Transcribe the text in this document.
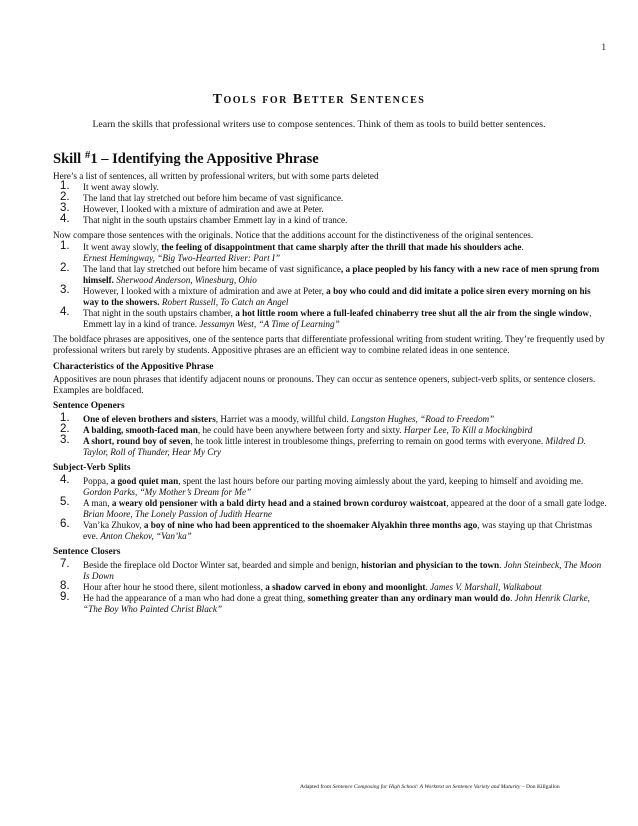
1
Tools for Better Sentences
Learn the skills that professional writers use to compose sentences. Think of them as tools to build better sentences.
Skill #1 – Identifying the Appositive Phrase

Here’s a list of sentences, all written by professional writers, but with some parts deleted

1. It went away slowly.
2. The land that lay stretched out before him became of vast significance.
3. However, I looked with a mixture of admiration and awe at Peter.
4. That night in the south upstairs chamber Emmett lay in a kind of trance.

Now compare those sentences with the originals. Notice that the additions account for the distinctiveness of the original sentences.

1. It went away slowly, the feeling of disappointment that came sharply after the thrill that made his shoulders ache.
Ernest Hemingway, “Big Two-Hearted River: Part I”
2. The land that lay stretched out before him became of vast significance, a place peopled by his fancy with a new race of men sprung from himself. Sherwood Anderson, Winesburg, Ohio
3. However, I looked with a mixture of admiration and awe at Peter, a boy who could and did imitate a police siren every morning on his way to the showers. Robert Russell, To Catch an Angel
4. That night in the south upstairs chamber, a hot little room where a full-leafed chinaberry tree shut all the air from the single window, Emmett lay in a kind of trance. Jessamyn West, “A Time of Learning”

The boldface phrases are appositives, one of the sentence parts that differentiate professional writing from student writing. They’re frequently used by professional writers but rarely by students. Appositive phrases are an efficient way to combine related ideas in one sentence.

Characteristics of the Appositive Phrase

Appositives are noun phrases that identify adjacent nouns or pronouns. They can occur as sentence openers, subject-verb splits, or sentence closers. Examples are boldfaced.

Sentence Openers
1. One of eleven brothers and sisters, Harriet was a moody, willful child. Langston Hughes, “Road to Freedom”
2. A balding, smooth-faced man, he could have been anywhere between forty and sixty. Harper Lee, To Kill a Mockingbird
3. A short, round boy of seven, he took little interest in troublesome things, preferring to remain on good terms with everyone. Mildred D. Taylor, Roll of Thunder, Hear My Cry
Subject-Verb Splits
4. Poppa, a good quiet man, spent the last hours before our parting moving aimlessly about the yard, keeping to himself and avoiding me. Gordon Parks, “My Mother’s Dream for Me”
5. A man, a weary old pensioner with a bald dirty head and a stained brown corduroy waistcoat, appeared at the door of a small gate lodge. Brian Moore, The Lonely Passion of Judith Hearne
6. Van’ka Zhukov, a boy of nine who had been apprenticed to the shoemaker Alyakhin three months ago, was staying up that Christmas eve. Anton Chekov, “Van’ka”
Sentence Closers
7. Beside the fireplace old Doctor Winter sat, bearded and simple and benign, historian and physician to the town. John Steinbeck, The Moon Is Down
8. Hour after hour he stood there, silent motionless, a shadow carved in ebony and moonlight. James V. Marshall, Walkabout
9. He had the appearance of a man who had done a great thing, something greater than any ordinary man would do. John Henrik Clarke, “The Boy Who Painted Christ Black”
Adapted from Sentence Composing for High School: A Worktext on Sentence Variety and Maturity – Don Killgallon
